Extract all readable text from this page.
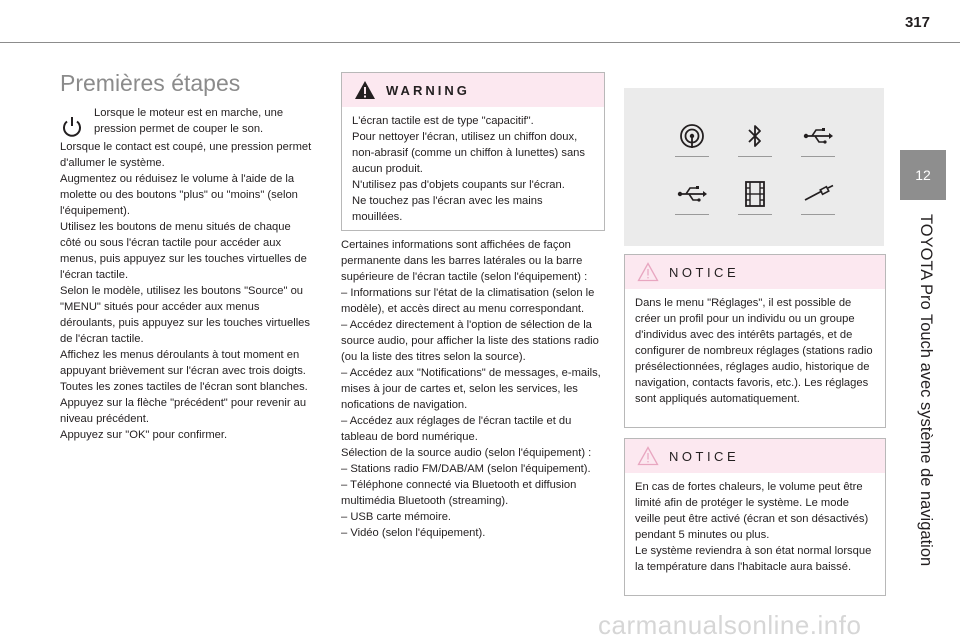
317
12
TOYOTA Pro Touch avec système de navigation
Premières étapes

Lorsque le moteur est en marche, une pression permet de couper le son.

Lorsque le contact est coupé, une pression permet d'allumer le système.

Augmentez ou réduisez le volume à l'aide de la molette ou des boutons "plus" ou "moins" (selon l'équipement).

Utilisez les boutons de menu situés de chaque côté ou sous l'écran tactile pour accéder aux menus, puis appuyez sur les touches virtuelles de l'écran tactile.

Selon le modèle, utilisez les boutons "Source" ou "MENU" situés pour accéder aux menus déroulants, puis appuyez sur les touches virtuelles de l'écran tactile.

Affichez les menus déroulants à tout moment en appuyant brièvement sur l'écran avec trois doigts.

Toutes les zones tactiles de l'écran sont blanches.

Appuyez sur la flèche "précédent" pour revenir au niveau précédent.

Appuyez sur "OK" pour confirmer.

WARNING

L'écran tactile est de type "capacitif".

Pour nettoyer l'écran, utilisez un chiffon doux, non-abrasif (comme un chiffon à lunettes) sans aucun produit.

N'utilisez pas d'objets coupants sur l'écran.

Ne touchez pas l'écran avec les mains mouillées.

Certaines informations sont affichées de façon permanente dans les barres latérales ou la barre supérieure de l'écran tactile (selon l'équipement) :

– Informations sur l'état de la climatisation (selon le modèle), et accès direct au menu correspondant.

– Accédez directement à l'option de sélection de la source audio, pour afficher la liste des stations radio (ou la liste des titres selon la source).

– Accédez aux "Notifications" de messages, e-mails, mises à jour de cartes et, selon les services, les nofications de navigation.

– Accédez aux réglages de l'écran tactile et du tableau de bord numérique.

Sélection de la source audio (selon l'équipement) :

– Stations radio FM/DAB/AM (selon l'équipement).

– Téléphone connecté via Bluetooth et diffusion multimédia Bluetooth (streaming).

– USB carte mémoire.

– Vidéo (selon l'équipement).

NOTICE

Dans le menu "Réglages", il est possible de créer un profil pour un individu ou un groupe d'individus avec des intérêts partagés, et de configurer de nombreux réglages (stations radio présélectionnées, réglages audio, historique de navigation, contacts favoris, etc.). Les réglages sont appliqués automatiquement.

NOTICE

En cas de fortes chaleurs, le volume peut être limité afin de protéger le système. Le mode veille peut être activé (écran et son désactivés) pendant 5 minutes ou plus.

Le système reviendra à son état normal lorsque la température dans l'habitacle aura baissé.

carmanualsonline.info
